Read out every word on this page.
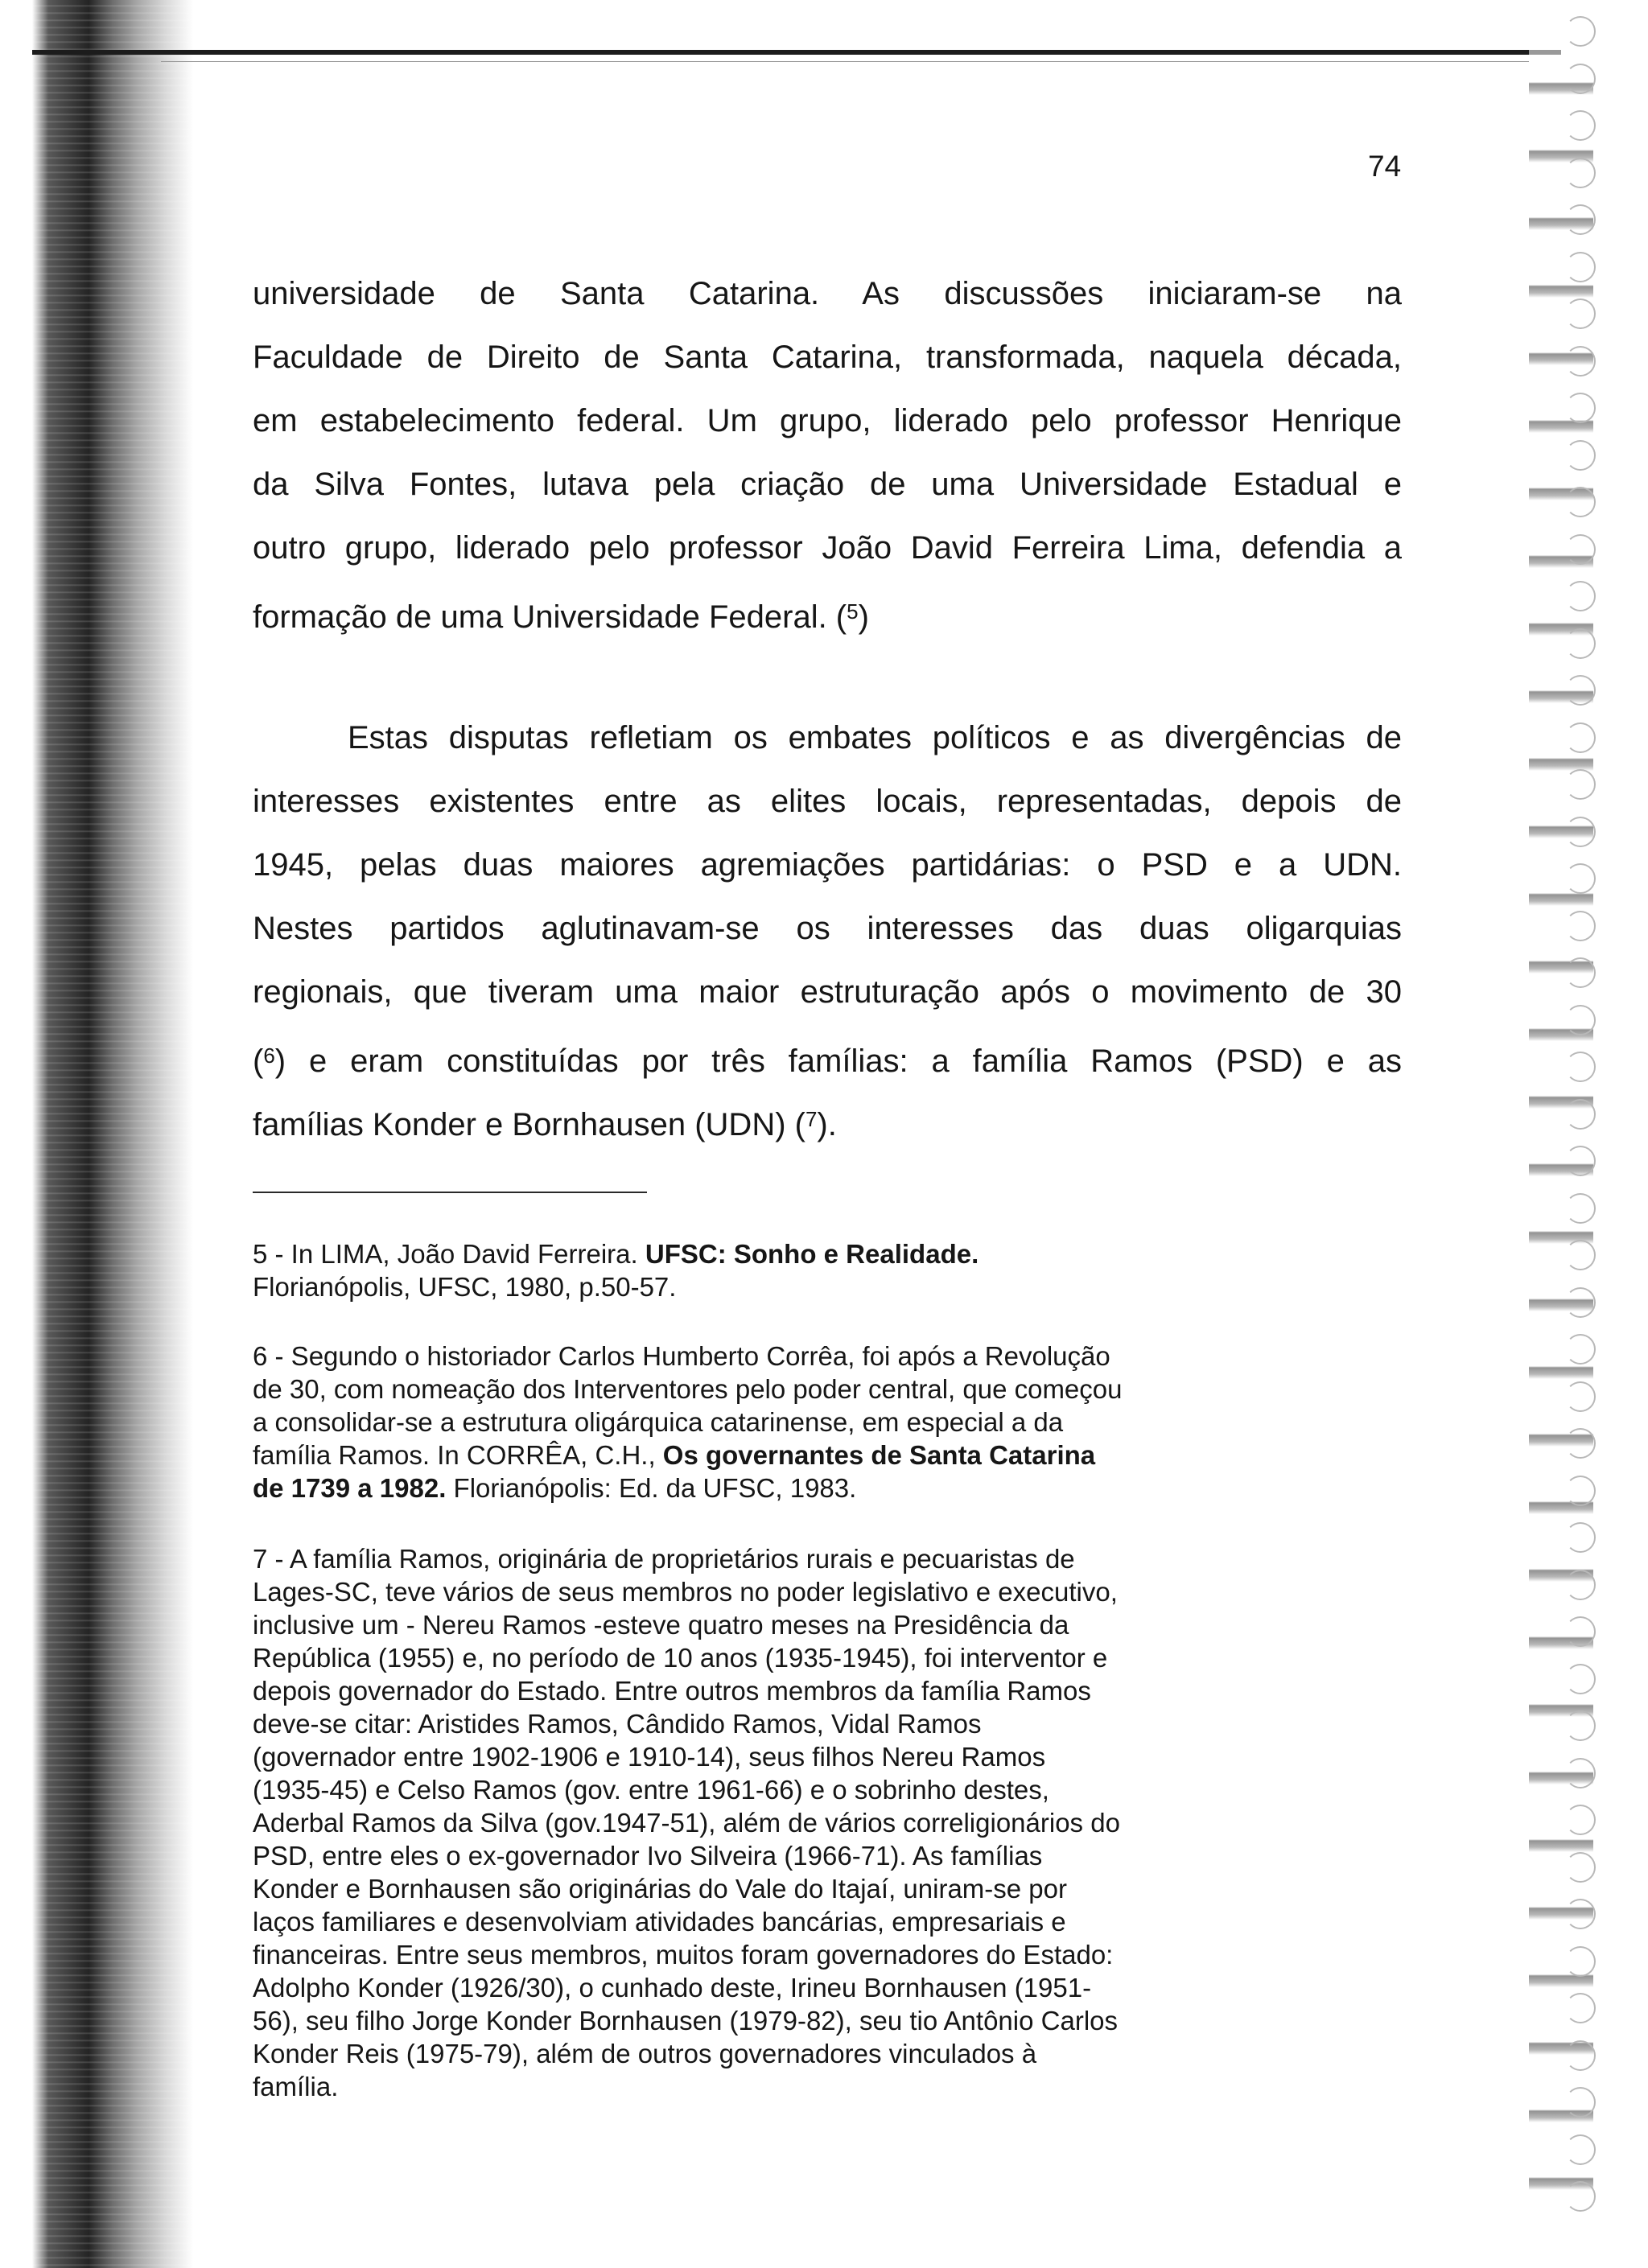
74
universidade de Santa Catarina. As discussões iniciaram-se na
Faculdade de Direito de Santa Catarina, transformada, naquela década,
em estabelecimento federal. Um grupo, liderado pelo professor Henrique
da Silva Fontes, lutava pela criação de uma Universidade Estadual e
outro grupo, liderado pelo professor João David Ferreira Lima, defendia a
formação de uma Universidade Federal. ($^5$)
Estas disputas refletiam os embates políticos e as divergências de
interesses existentes entre as elites locais, representadas, depois de
1945, pelas duas maiores agremiações partidárias: o PSD e a UDN.
Nestes partidos aglutinavam-se os interesses das duas oligarquias
regionais, que tiveram uma maior estruturação após o movimento de 30
($^6$) e eram constituídas por três famílias: a família Ramos (PSD) e as
famílias Konder e Bornhausen (UDN) ($^7$).
5 - In LIMA, João David Ferreira. UFSC: Sonho e Realidade.
Florianópolis, UFSC, 1980, p.50-57.
6 - Segundo o historiador Carlos Humberto Corrêa, foi após a Revolução
de 30, com nomeação dos Interventores pelo poder central, que começou
a consolidar-se a estrutura oligárquica catarinense, em especial a da
família Ramos. In CORRÊA, C.H., Os governantes de Santa Catarina
de 1739 a 1982. Florianópolis: Ed. da UFSC, 1983.
7 - A família Ramos, originária de proprietários rurais e pecuaristas de
Lages-SC, teve vários de seus membros no poder legislativo e executivo,
inclusive um - Nereu Ramos -esteve quatro meses na Presidência da
República (1955) e, no período de 10 anos (1935-1945), foi interventor e
depois governador do Estado. Entre outros membros da família Ramos
deve-se citar: Aristides Ramos, Cândido Ramos, Vidal Ramos
(governador entre 1902-1906 e 1910-14), seus filhos Nereu Ramos
(1935-45) e Celso Ramos (gov. entre 1961-66) e o sobrinho destes,
Aderbal Ramos da Silva (gov.1947-51), além de vários correligionários do
PSD, entre eles o ex-governador Ivo Silveira (1966-71). As famílias
Konder e Bornhausen são originárias do Vale do Itajaí, uniram-se por
laços familiares e desenvolviam atividades bancárias, empresariais e
financeiras. Entre seus membros, muitos foram governadores do Estado:
Adolpho Konder (1926/30), o cunhado deste, Irineu Bornhausen (1951-
56), seu filho Jorge Konder Bornhausen (1979-82), seu tio Antônio Carlos
Konder Reis (1975-79), além de outros governadores vinculados à
família.
